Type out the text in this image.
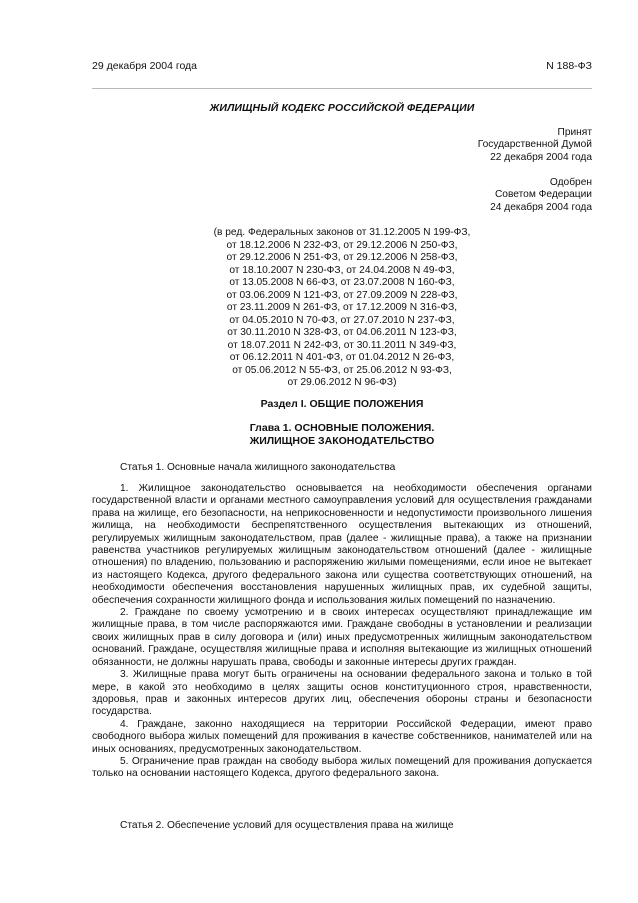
29 декабря 2004 года	N 188-ФЗ
ЖИЛИЩНЫЙ КОДЕКС РОССИЙСКОЙ ФЕДЕРАЦИИ

Принят

Государственной Думой

22 декабря 2004 года

Одобрен

Советом Федерации

24 декабря 2004 года

(в ред. Федеральных законов от 31.12.2005 N 199-ФЗ,
от 18.12.2006 N 232-ФЗ, от 29.12.2006 N 250-ФЗ,
от 29.12.2006 N 251-ФЗ, от 29.12.2006 N 258-ФЗ,
от 18.10.2007 N 230-ФЗ, от 24.04.2008 N 49-ФЗ,
от 13.05.2008 N 66-ФЗ, от 23.07.2008 N 160-ФЗ,
от 03.06.2009 N 121-ФЗ, от 27.09.2009 N 228-ФЗ,
от 23.11.2009 N 261-ФЗ, от 17.12.2009 N 316-ФЗ,
от 04.05.2010 N 70-ФЗ, от 27.07.2010 N 237-ФЗ,
от 30.11.2010 N 328-ФЗ, от 04.06.2011 N 123-ФЗ,
от 18.07.2011 N 242-ФЗ, от 30.11.2011 N 349-ФЗ,
от 06.12.2011 N 401-ФЗ, от 01.04.2012 N 26-ФЗ,
от 05.06.2012 N 55-ФЗ, от 25.06.2012 N 93-ФЗ,
от 29.06.2012 N 96-ФЗ)
Раздел I. ОБЩИЕ ПОЛОЖЕНИЯ
Глава 1. ОСНОВНЫЕ ПОЛОЖЕНИЯ.
ЖИЛИЩНОЕ ЗАКОНОДАТЕЛЬСТВО
Статья 1. Основные начала жилищного законодательства

1. Жилищное законодательство основывается на необходимости обеспечения органами государственной власти и органами местного самоуправления условий для осуществления гражданами права на жилище, его безопасности, на неприкосновенности и недопустимости произвольного лишения жилища, на необходимости беспрепятственного осуществления вытекающих из отношений, регулируемых жилищным законодательством, прав (далее - жилищные права), а также на признании равенства участников регулируемых жилищным законодательством отношений (далее - жилищные отношения) по владению, пользованию и распоряжению жилыми помещениями, если иное не вытекает из настоящего Кодекса, другого федерального закона или существа соответствующих отношений, на необходимости обеспечения восстановления нарушенных жилищных прав, их судебной защиты, обеспечения сохранности жилищного фонда и использования жилых помещений по назначению.

2. Граждане по своему усмотрению и в своих интересах осуществляют принадлежащие им жилищные права, в том числе распоряжаются ими. Граждане свободны в установлении и реализации своих жилищных прав в силу договора и (или) иных предусмотренных жилищным законодательством оснований. Граждане, осуществляя жилищные права и исполняя вытекающие из жилищных отношений обязанности, не должны нарушать права, свободы и законные интересы других граждан.

3. Жилищные права могут быть ограничены на основании федерального закона и только в той мере, в какой это необходимо в целях защиты основ конституционного строя, нравственности, здоровья, прав и законных интересов других лиц, обеспечения обороны страны и безопасности государства.

4. Граждане, законно находящиеся на территории Российской Федерации, имеют право свободного выбора жилых помещений для проживания в качестве собственников, нанимателей или на иных основаниях, предусмотренных законодательством.

5. Ограничение прав граждан на свободу выбора жилых помещений для проживания допускается только на основании настоящего Кодекса, другого федерального закона.

Статья 2. Обеспечение условий для осуществления права на жилище
